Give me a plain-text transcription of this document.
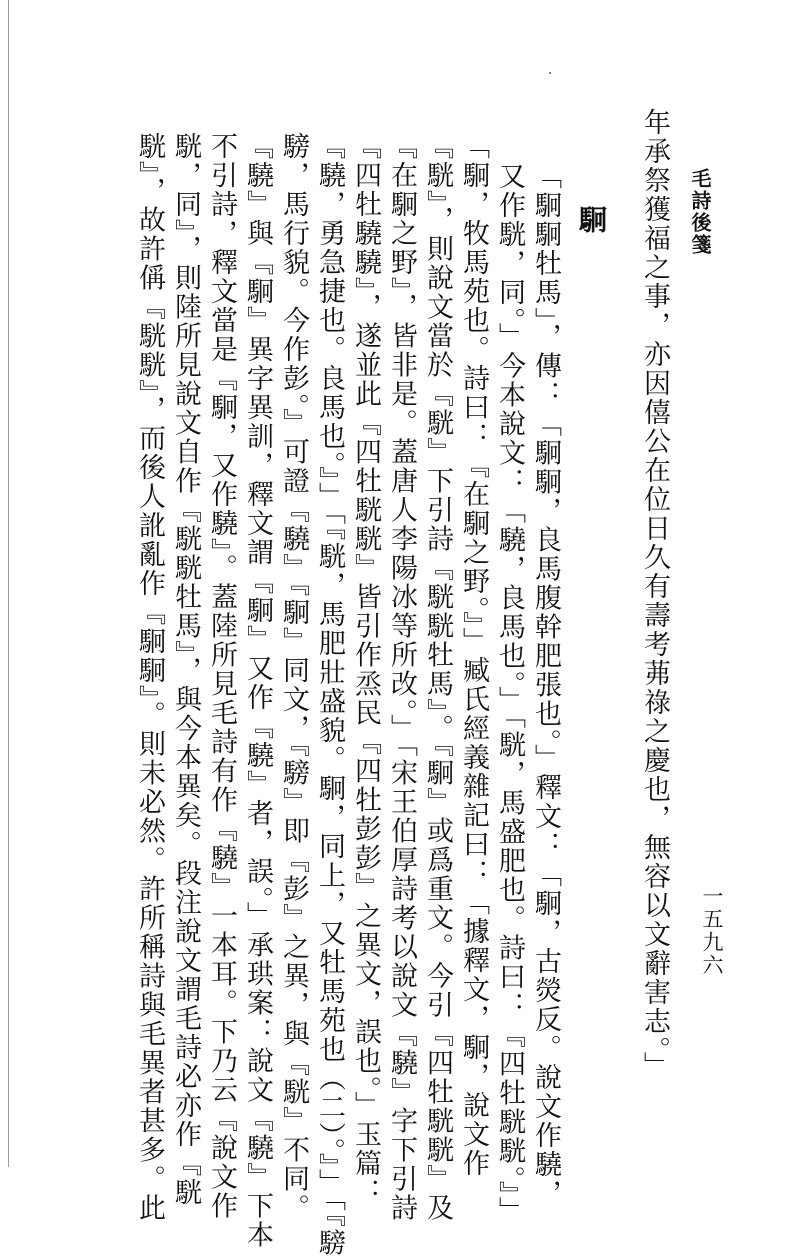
毛詩後箋
一五九六
駉 年承祭獲福之事，亦因僖公在位日久有壽考茀祿之慶也，無容以文辭害志。」
「駉駉牡馬」，傳：「駉駉，良馬腹幹肥張也。」釋文：「駉，古熒反。說文作驍，
又作駫，同。」今本說文：「驍，良馬也。」「駫，馬盛肥也。詩曰：『四牡駫駫。』」
「駉，牧馬苑也。詩曰：『在駉之野。』」臧氏經義雜記曰：「據釋文，駉，說文作
『駫』，則說文當於『駫』下引詩『駫駫牡馬』。『駉』或爲重文。今引『四牡駫駫』及
『在駉之野』，皆非是。蓋唐人李陽冰等所改。」「宋王伯厚詩考以說文『驍』字下引詩
『四牡驍驍』，遂並此『四牡駫駫』皆引作烝民『四牡彭彭』之異文，誤也。」玉篇：
『驍，勇急捷也。良馬也。』」「『駫，馬肥壯盛貌。駉，同上，又牡馬苑也（二）。』」「『騯
騯，馬行貌。今作彭。』可證『驍』『駉』同文，『騯』即『彭』之異，與『駫』不同。
『驍』與『駉』異字異訓，釋文謂『駉』又作『驍』者，誤。」承珙案：說文『驍』下本
不引詩，釋文當是『駉，又作驍』。蓋陸所見毛詩有作『驍』一本耳。下乃云『說文作
駫，同』，則陸所見說文自作『駫駫牡馬』，與今本異矣。段注說文謂毛詩必亦作『駫
駫』，故許偁『駫駫』，而後人訛亂作『駉駉』。則未必然。許所稱詩與毛異者甚多。此
